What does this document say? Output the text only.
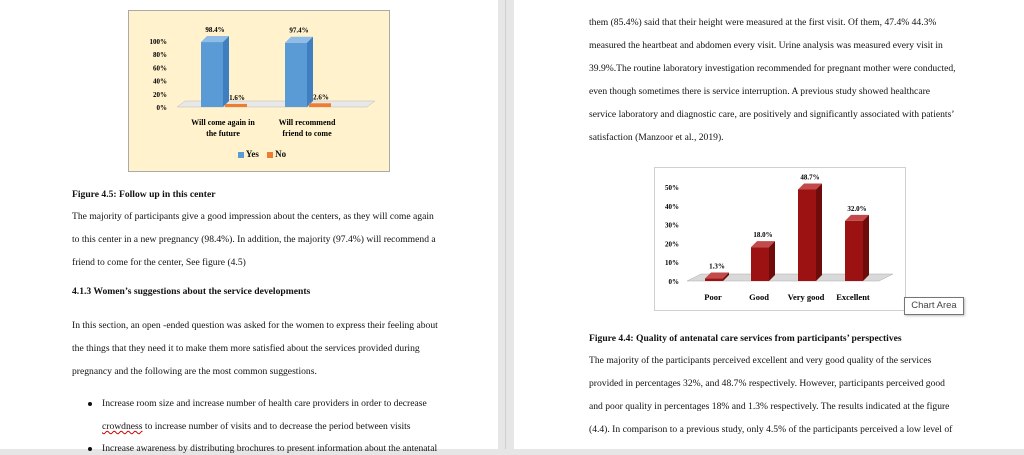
100%
80%
60%
40%
20%
0%
98.4%
1.6%
Will come again in
the future
97.4%
2.6%
Will recommend
friend to come
Yes No

Figure 4.5: Follow up in this center

The majority of participants give a good impression about the centers, as they will come again

to this center in a new pregnancy (98.4%). In addition, the majority (97.4%) will recommend a

friend to come for the center, See figure (4.5)

4.1.3 Women’s suggestions about the service developments

In this section, an open -ended question was asked for the women to express their feeling about

the things that they need it to make them more satisfied about the services provided during

pregnancy and the following are the most common suggestions.

Increase room size and increase number of health care providers in order to decrease

crowdness to increase number of visits and to decrease the period between visits

Increase awareness by distributing brochures to present information about the antenatal

them (85.4%) said that their height were measured at the first visit. Of them, 47.4% 44.3%

measured the heartbeat and abdomen every visit. Urine analysis was measured every visit in

39.9%.The routine laboratory investigation recommended for pregnant mother were conducted,

even though sometimes there is service interruption. A previous study showed healthcare

service laboratory and diagnostic care, are positively and significantly associated with patients’

satisfaction (Manzoor et al., 2019).

50%
40%
30%
20%
10%
0%
1.3%
Poor
18.0%
Good
48.7%
Very good
32.0%
Excellent
Chart Area

Figure 4.4: Quality of antenatal care services from participants’ perspectives

The majority of the participants perceived excellent and very good quality of the services

provided in percentages 32%, and 48.7% respectively. However, participants perceived good

and poor quality in percentages 18% and 1.3% respectively. The results indicated at the figure

(4.4). In comparison to a previous study, only 4.5% of the participants perceived a low level of
